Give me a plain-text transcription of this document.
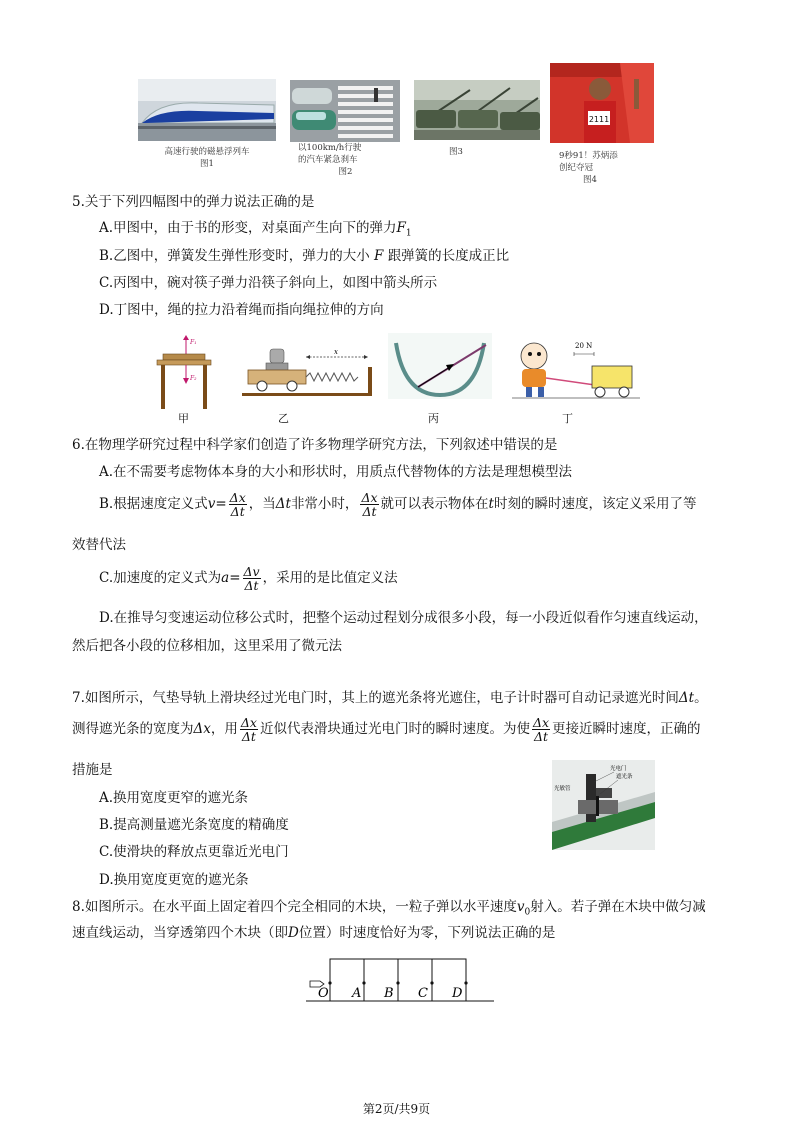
高速行驶的磁悬浮列车
图1
以100km/h行驶
的汽车紧急刹车
图2
图3
2111
9秒91！苏炳添
创纪夺冠
图4
5.关于下列四幅图中的弹力说法正确的是
A.甲图中，由于书的形变，对桌面产生向下的弹力$F_1$
B.乙图中，弹簧发生弹性形变时，弹力的大小 F 跟弹簧的长度成正比
C.丙图中，碗对筷子弹力沿筷子斜向上，如图中箭头所示
D.丁图中，绳的拉力沿着绳而指向绳拉伸的方向
F₁
F₂
x
20 N
甲	乙	丙	丁
6.在物理学研究过程中科学家们创造了许多物理学研究方法，下列叙述中错误的是
A.在不需要考虑物体本身的大小和形状时，用质点代替物体的方法是理想模型法
B.根据速度定义式$v= \frac{\Delta x}{\Delta t}$ ，当Δt非常小时， $\frac{\Delta x}{\Delta t}$ 就可以表示物体在t时刻的瞬时速度，该定义采用了等
效替代法
C.加速度的定义式为$a= \frac{\Delta v}{\Delta t}$ ，采用的是比值定义法
D.在推导匀变速运动位移公式时，把整个运动过程划分成很多小段，每一小段近似看作匀速直线运动，
然后把各小段的位移相加，这里采用了微元法
7.如图所示，气垫导轨上滑块经过光电门时，其上的遮光条将光遮住，电子计时器可自动记录遮光时间Δt。
测得遮光条的宽度为Δx，用 $\frac{\Delta x}{\Delta t}$ 近似代表滑块通过光电门时的瞬时速度。为使 $\frac{\Delta x}{\Delta t}$ 更接近瞬时速度，正确的
措施是
A.换用宽度更窄的遮光条
B.提高测量遮光条宽度的精确度
C.使滑块的释放点更靠近光电门
D.换用宽度更宽的遮光条
光电门
遮光条
光敏管
8.如图所示。在水平面上固定着四个完全相同的木块，一粒子弹以水平速度$v_0$射入。若子弹在木块中做匀减
速直线运动，当穿透第四个木块（即D位置）时速度恰好为零，下列说法正确的是
O A B C D
第2页/共9页
